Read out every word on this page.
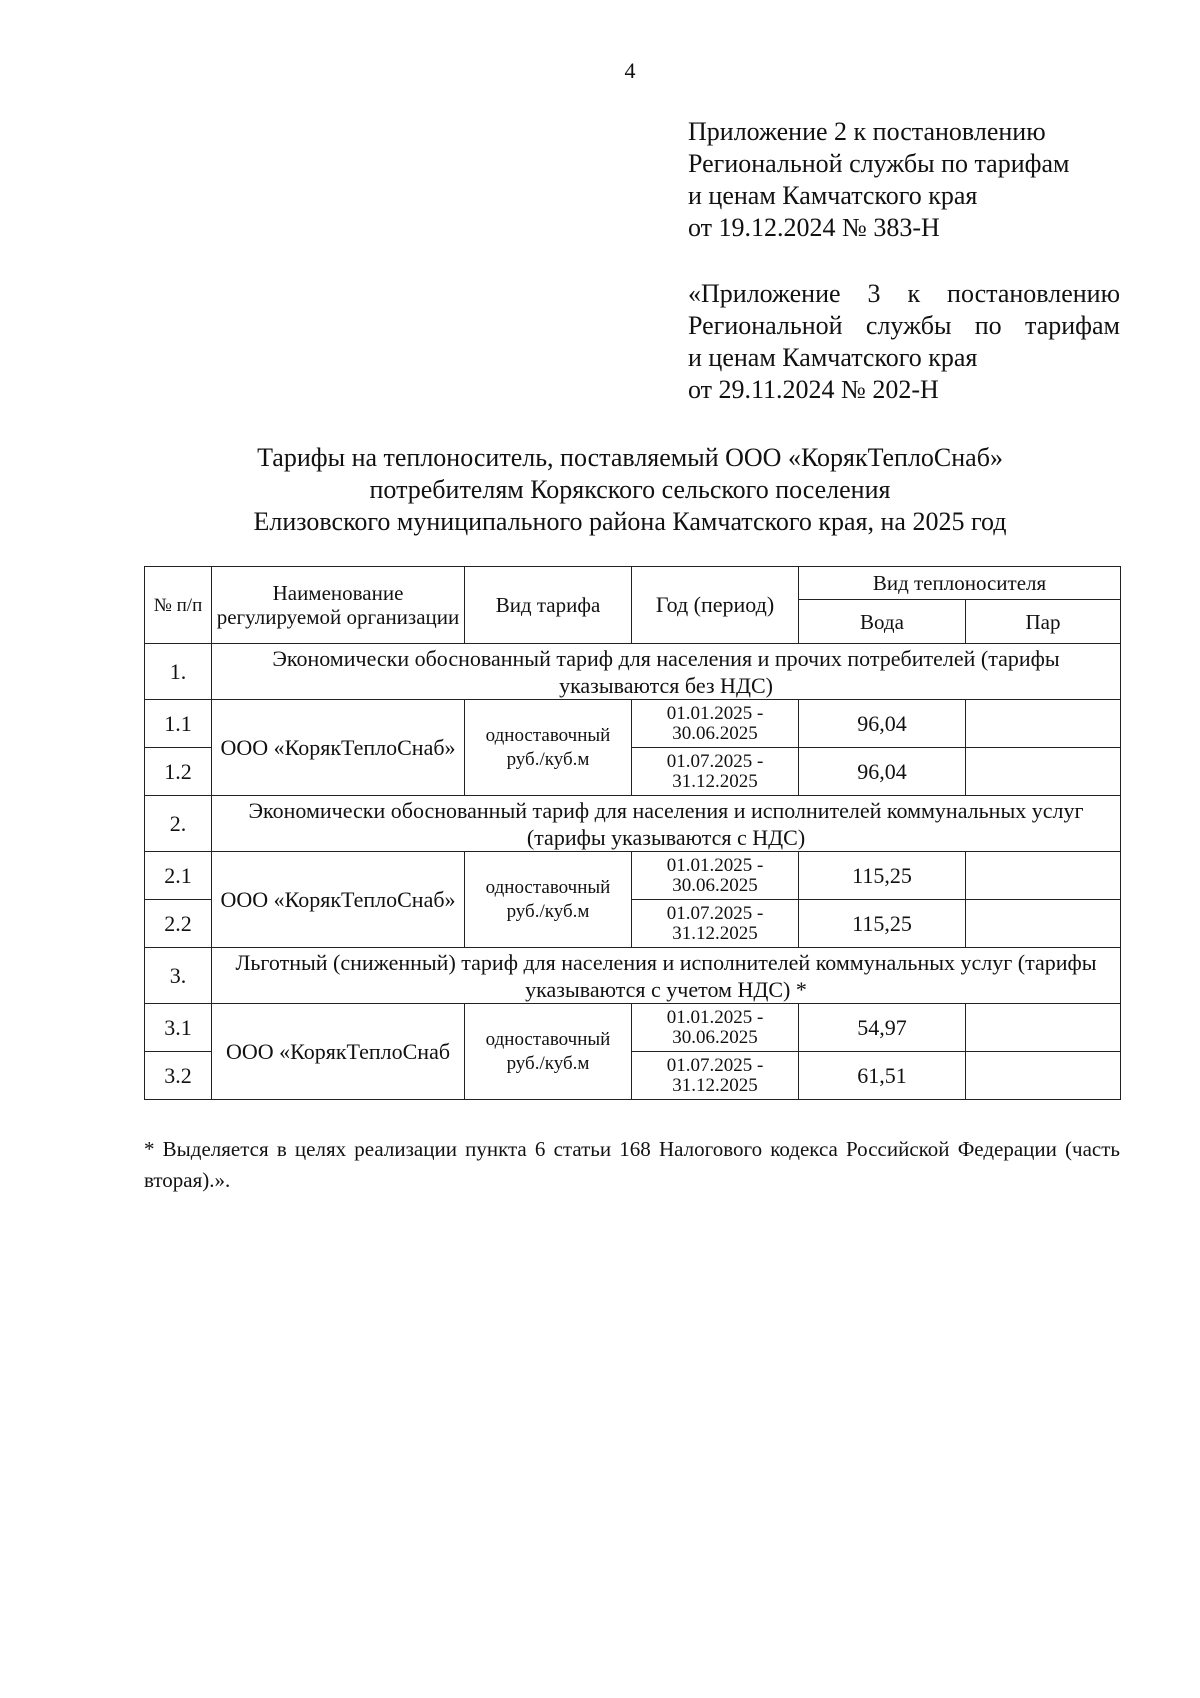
4
Приложение 2 к постановлению
Региональной службы по тарифам
и ценам Камчатского края
от 19.12.2024 № 383-Н
«Приложение 3 к постановлению
Региональной службы по тарифам
и ценам Камчатского края
от 29.11.2024 № 202-Н
Тарифы на теплоноситель, поставляемый ООО «КорякТеплоСнаб»
потребителям Корякского сельского поселения
Елизовского муниципального района Камчатского края, на 2025 год
№ п/п	Наименование регулируемой организации	Вид тарифа	Год (период)	Вид теплоносителя	
				Вода	Пар
1.	Экономически обоснованный тариф для населения и прочих потребителей (тарифы указываются без НДС)				
1.1	ООО «КорякТеплоСнаб»	одноставочный руб./куб.м	01.01.2025 - 30.06.2025	96,04	
1.2			01.07.2025 - 31.12.2025	96,04	
2.	Экономически обоснованный тариф для населения и исполнителей коммунальных услуг (тарифы указываются с НДС)				
2.1	ООО «КорякТеплоСнаб»	одноставочный руб./куб.м	01.01.2025 - 30.06.2025	115,25	
2.2			01.07.2025 - 31.12.2025	115,25	
3.	Льготный (сниженный) тариф для населения и исполнителей коммунальных услуг (тарифы указываются с учетом НДС) *				
3.1	ООО «КорякТеплоСнаб	одноставочный руб./куб.м	01.01.2025 - 30.06.2025	54,97	
3.2			01.07.2025 - 31.12.2025	61,51	
* Выделяется в целях реализации пункта 6 статьи 168 Налогового кодекса Российской Федерации (часть вторая).».
